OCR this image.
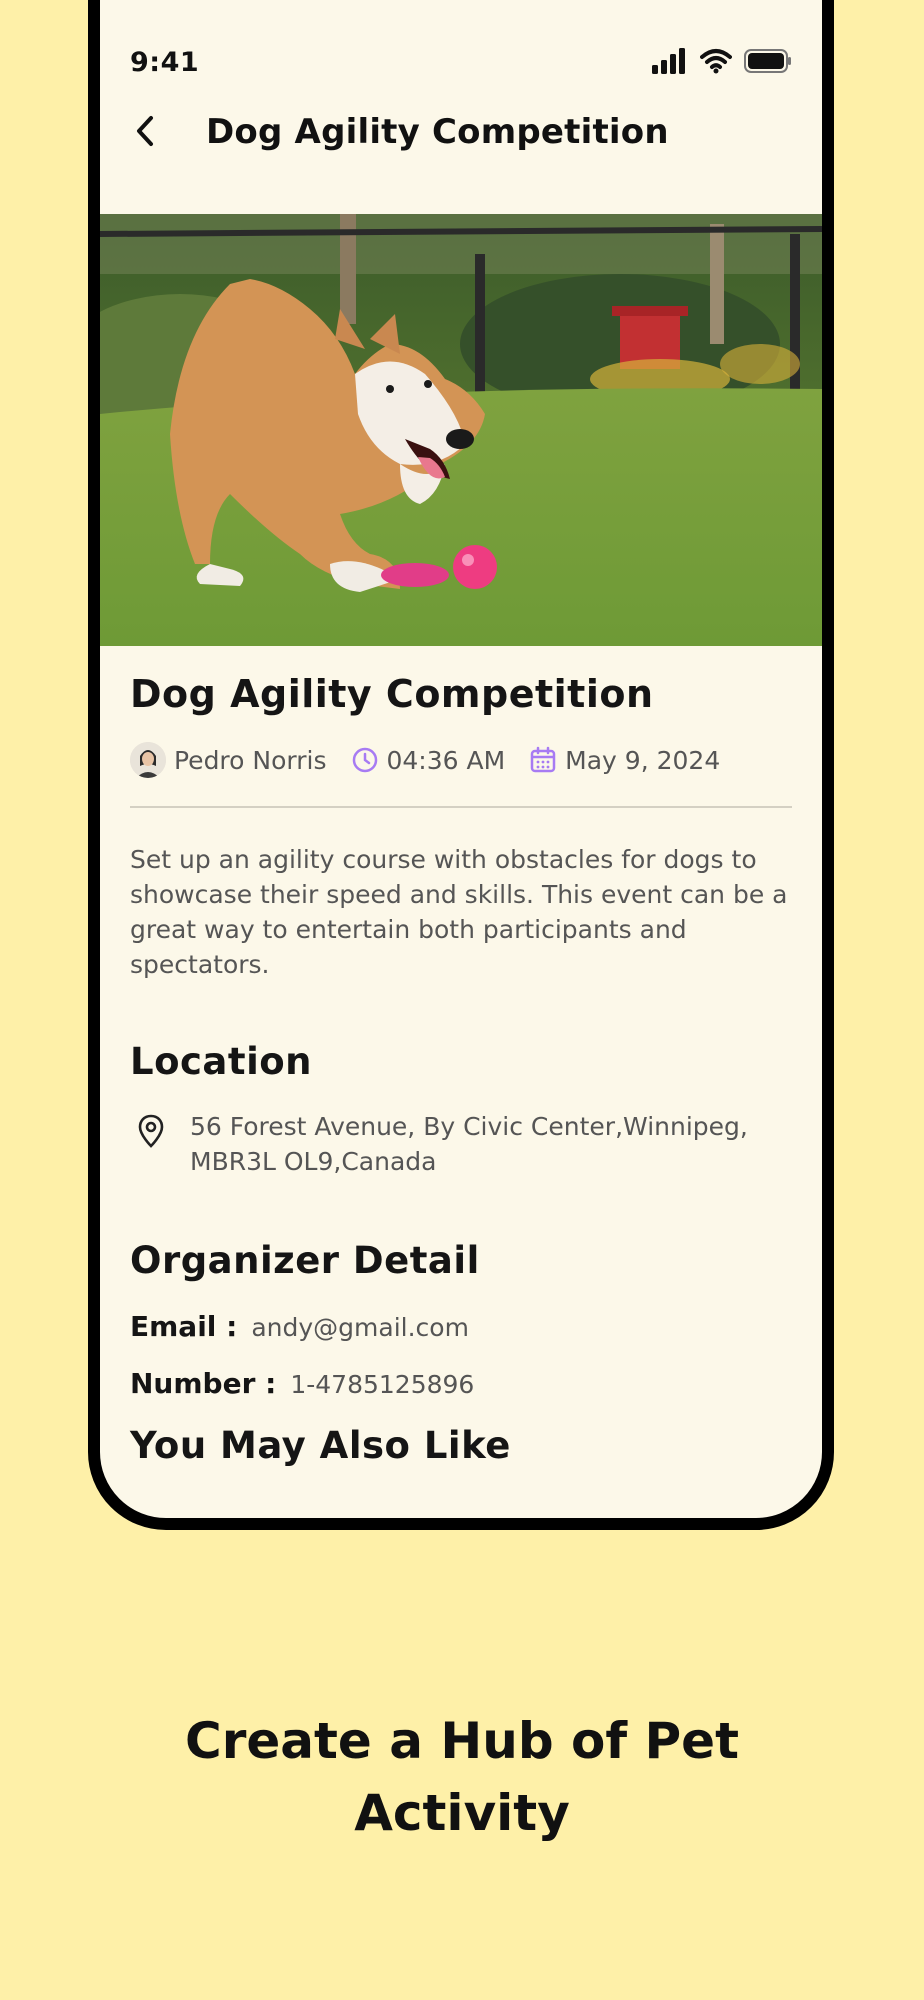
9:41
Dog Agility Competition
Dog Agility Competition
Pedro Norris 04:36 AM May 9, 2024

Set up an agility course with obstacles for dogs to showcase their speed and skills. This event can be a great way to entertain both participants and spectators.

Location
56 Forest Avenue, By Civic Center,Winnipeg,
MBR3L OL9,Canada
Organizer Detail
Email : andy@gmail.com
Number : 1-4785125896
You May Also Like
Create a Hub of Pet
Activity
